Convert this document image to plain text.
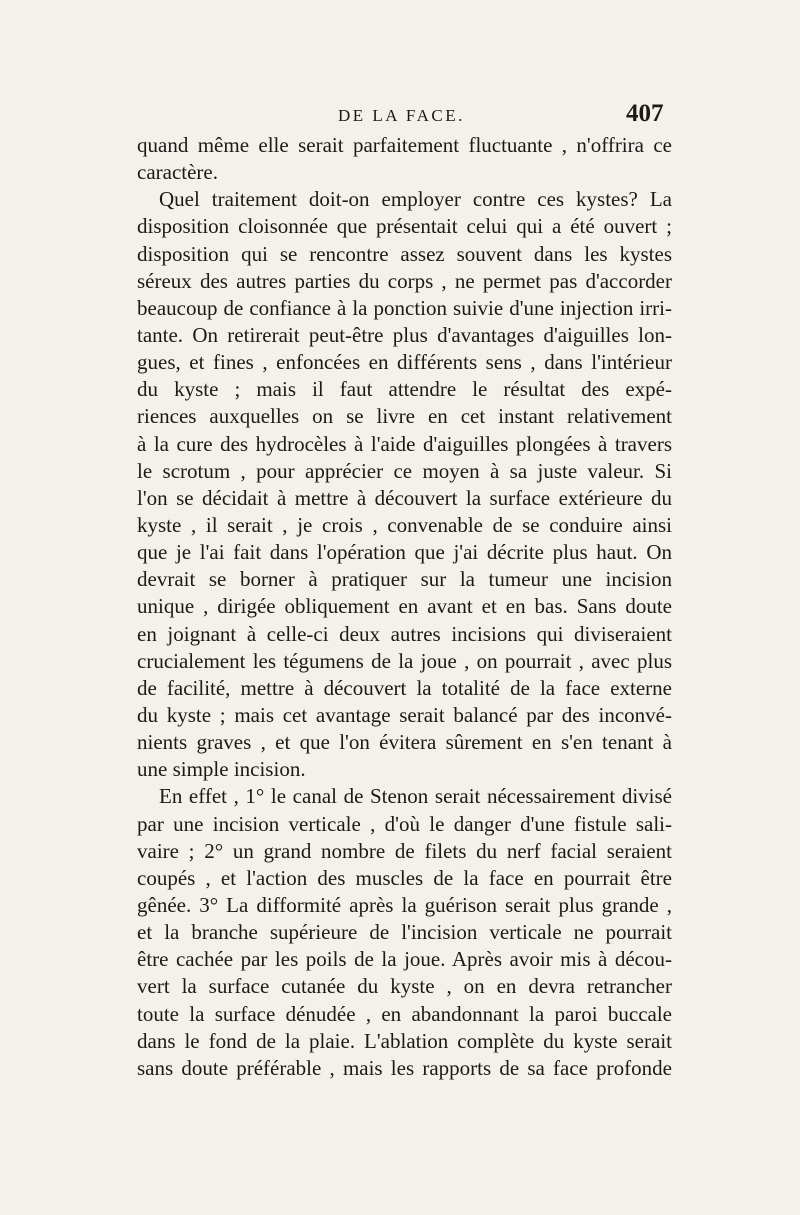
DE LA FACE.	407
quand même elle serait parfaitement fluctuante , n'offrira ce
caractère.
Quel traitement doit-on employer contre ces kystes? La
disposition cloisonnée que présentait celui qui a été ouvert ;
disposition qui se rencontre assez souvent dans les kystes
séreux des autres parties du corps , ne permet pas d'accorder
beaucoup de confiance à la ponction suivie d'une injection irri-
tante. On retirerait peut-être plus d'avantages d'aiguilles lon-
gues, et fines , enfoncées en différents sens , dans l'intérieur
du kyste ; mais il faut attendre le résultat des expé-
riences auxquelles on se livre en cet instant relativement
à la cure des hydrocèles à l'aide d'aiguilles plongées à travers
le scrotum , pour apprécier ce moyen à sa juste valeur. Si
l'on se décidait à mettre à découvert la surface extérieure du
kyste , il serait , je crois , convenable de se conduire ainsi
que je l'ai fait dans l'opération que j'ai décrite plus haut. On
devrait se borner à pratiquer sur la tumeur une incision
unique , dirigée obliquement en avant et en bas. Sans doute
en joignant à celle-ci deux autres incisions qui diviseraient
crucialement les tégumens de la joue , on pourrait , avec plus
de facilité, mettre à découvert la totalité de la face externe
du kyste ; mais cet avantage serait balancé par des inconvé-
nients graves , et que l'on évitera sûrement en s'en tenant à
une simple incision.
En effet , 1° le canal de Stenon serait nécessairement divisé
par une incision verticale , d'où le danger d'une fistule sali-
vaire ; 2° un grand nombre de filets du nerf facial seraient
coupés , et l'action des muscles de la face en pourrait être
gênée. 3° La difformité après la guérison serait plus grande ,
et la branche supérieure de l'incision verticale ne pourrait
être cachée par les poils de la joue. Après avoir mis à décou-
vert la surface cutanée du kyste , on en devra retrancher
toute la surface dénudée , en abandonnant la paroi buccale
dans le fond de la plaie. L'ablation complète du kyste serait
sans doute préférable , mais les rapports de sa face profonde
